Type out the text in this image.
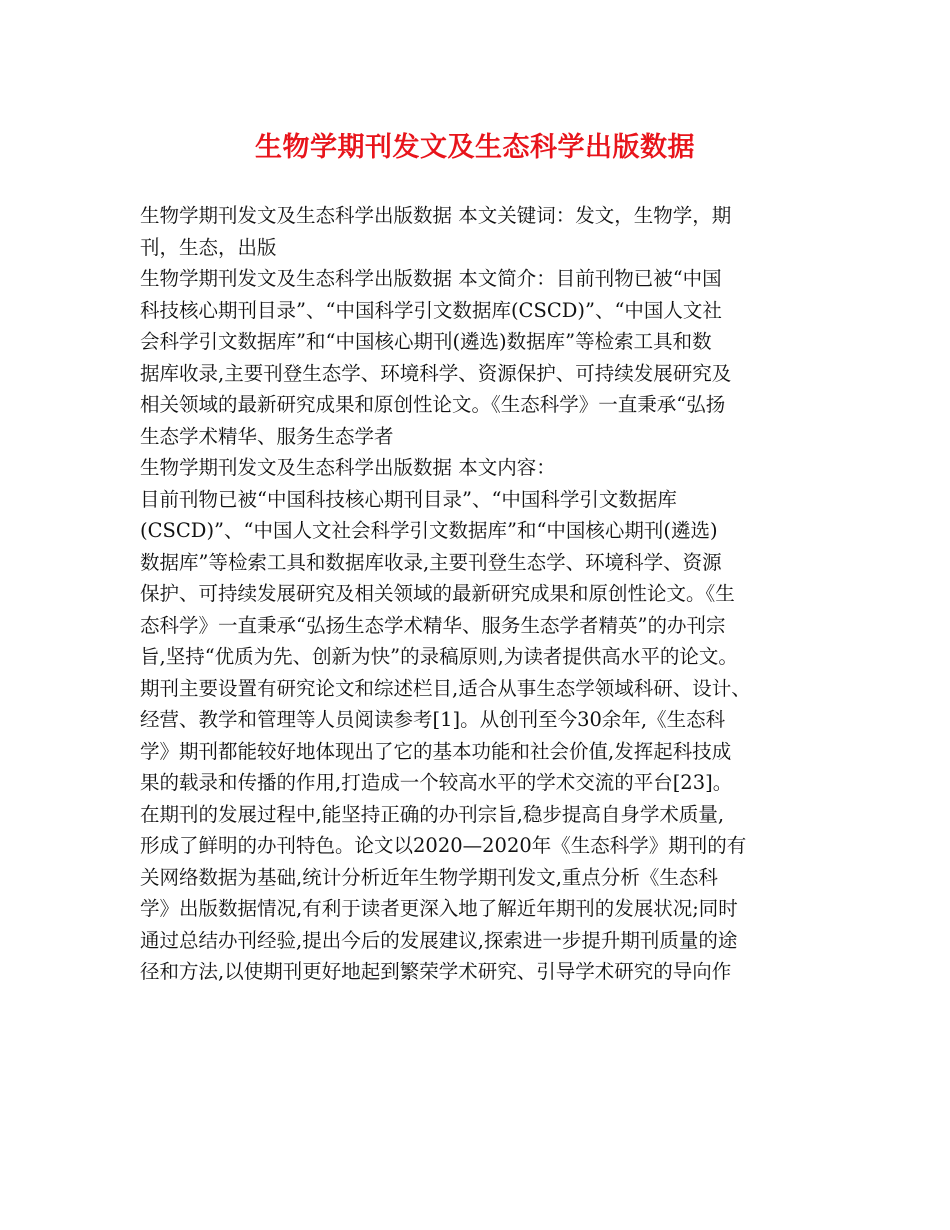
生物学期刊发文及生态科学出版数据
生物学期刊发文及生态科学出版数据 本文关键词：发文，生物学，期
刊，生态，出版
生物学期刊发文及生态科学出版数据 本文简介：目前刊物已被“中国
科技核心期刊目录”、“中国科学引文数据库(CSCD)”、“中国人文社
会科学引文数据库”和“中国核心期刊(遴选)数据库”等检索工具和数
据库收录,主要刊登生态学、环境科学、资源保护、可持续发展研究及
相关领域的最新研究成果和原创性论文。《生态科学》一直秉承“弘扬
生态学术精华、服务生态学者
生物学期刊发文及生态科学出版数据 本文内容：
目前刊物已被“中国科技核心期刊目录”、“中国科学引文数据库
(CSCD)”、“中国人文社会科学引文数据库”和“中国核心期刊(遴选)
数据库”等检索工具和数据库收录,主要刊登生态学、环境科学、资源
保护、可持续发展研究及相关领域的最新研究成果和原创性论文。《生
态科学》一直秉承“弘扬生态学术精华、服务生态学者精英”的办刊宗
旨,坚持“优质为先、创新为快”的录稿原则,为读者提供高水平的论文。
期刊主要设置有研究论文和综述栏目,适合从事生态学领域科研、设计、
经营、教学和管理等人员阅读参考[1]。从创刊至今30余年,《生态科
学》期刊都能较好地体现出了它的基本功能和社会价值,发挥起科技成
果的载录和传播的作用,打造成一个较高水平的学术交流的平台[23]。
在期刊的发展过程中,能坚持正确的办刊宗旨,稳步提高自身学术质量,
形成了鲜明的办刊特色。论文以2020—2020年《生态科学》期刊的有
关网络数据为基础,统计分析近年生物学期刊发文,重点分析《生态科
学》出版数据情况,有利于读者更深入地了解近年期刊的发展状况;同时
通过总结办刊经验,提出今后的发展建议,探索进一步提升期刊质量的途
径和方法,以使期刊更好地起到繁荣学术研究、引导学术研究的导向作
